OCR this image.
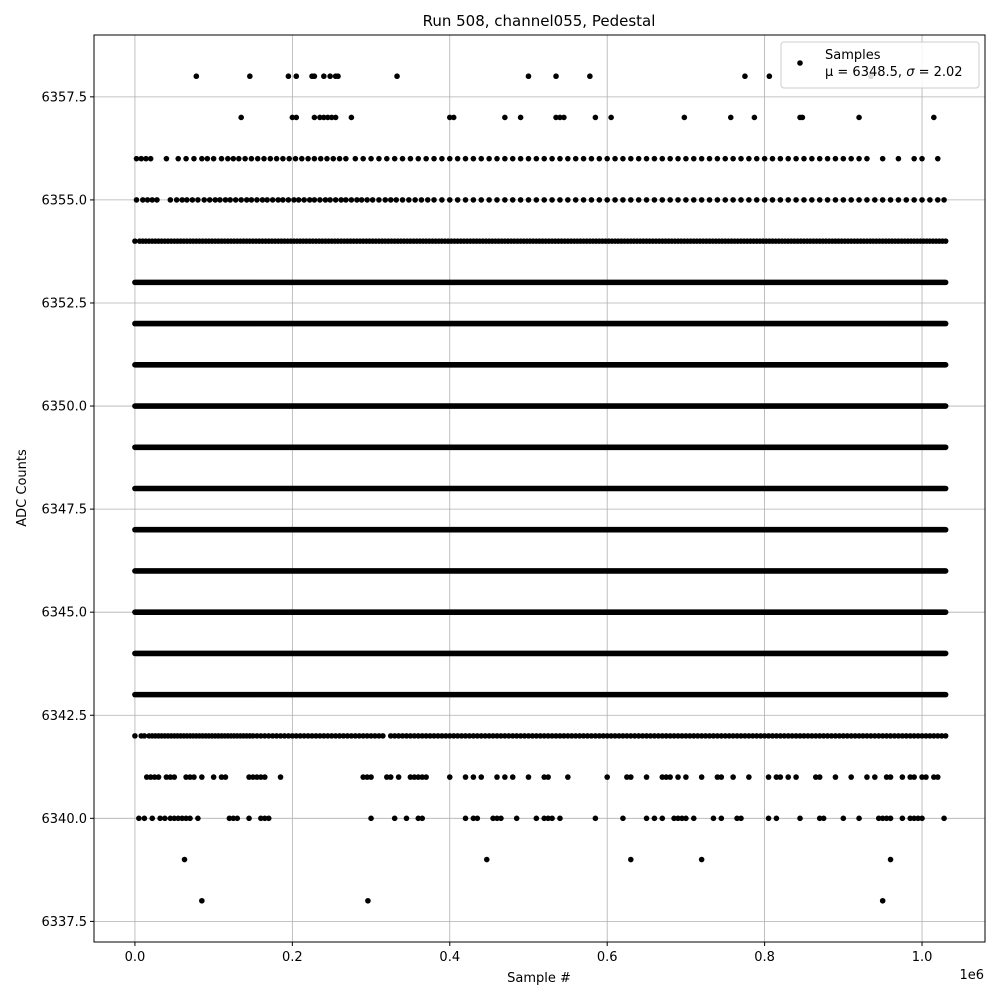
Run 508, channel055, Pedestal
0.0	0.2	0.4	0.6	0.8	1.0
6337.5
6340.0
6342.5
6345.0
6347.5
6350.0
6352.5
6355.0
6357.5
Sample #
ADC Counts
1e6
Samples
μ = 6348.5, σ = 2.02
